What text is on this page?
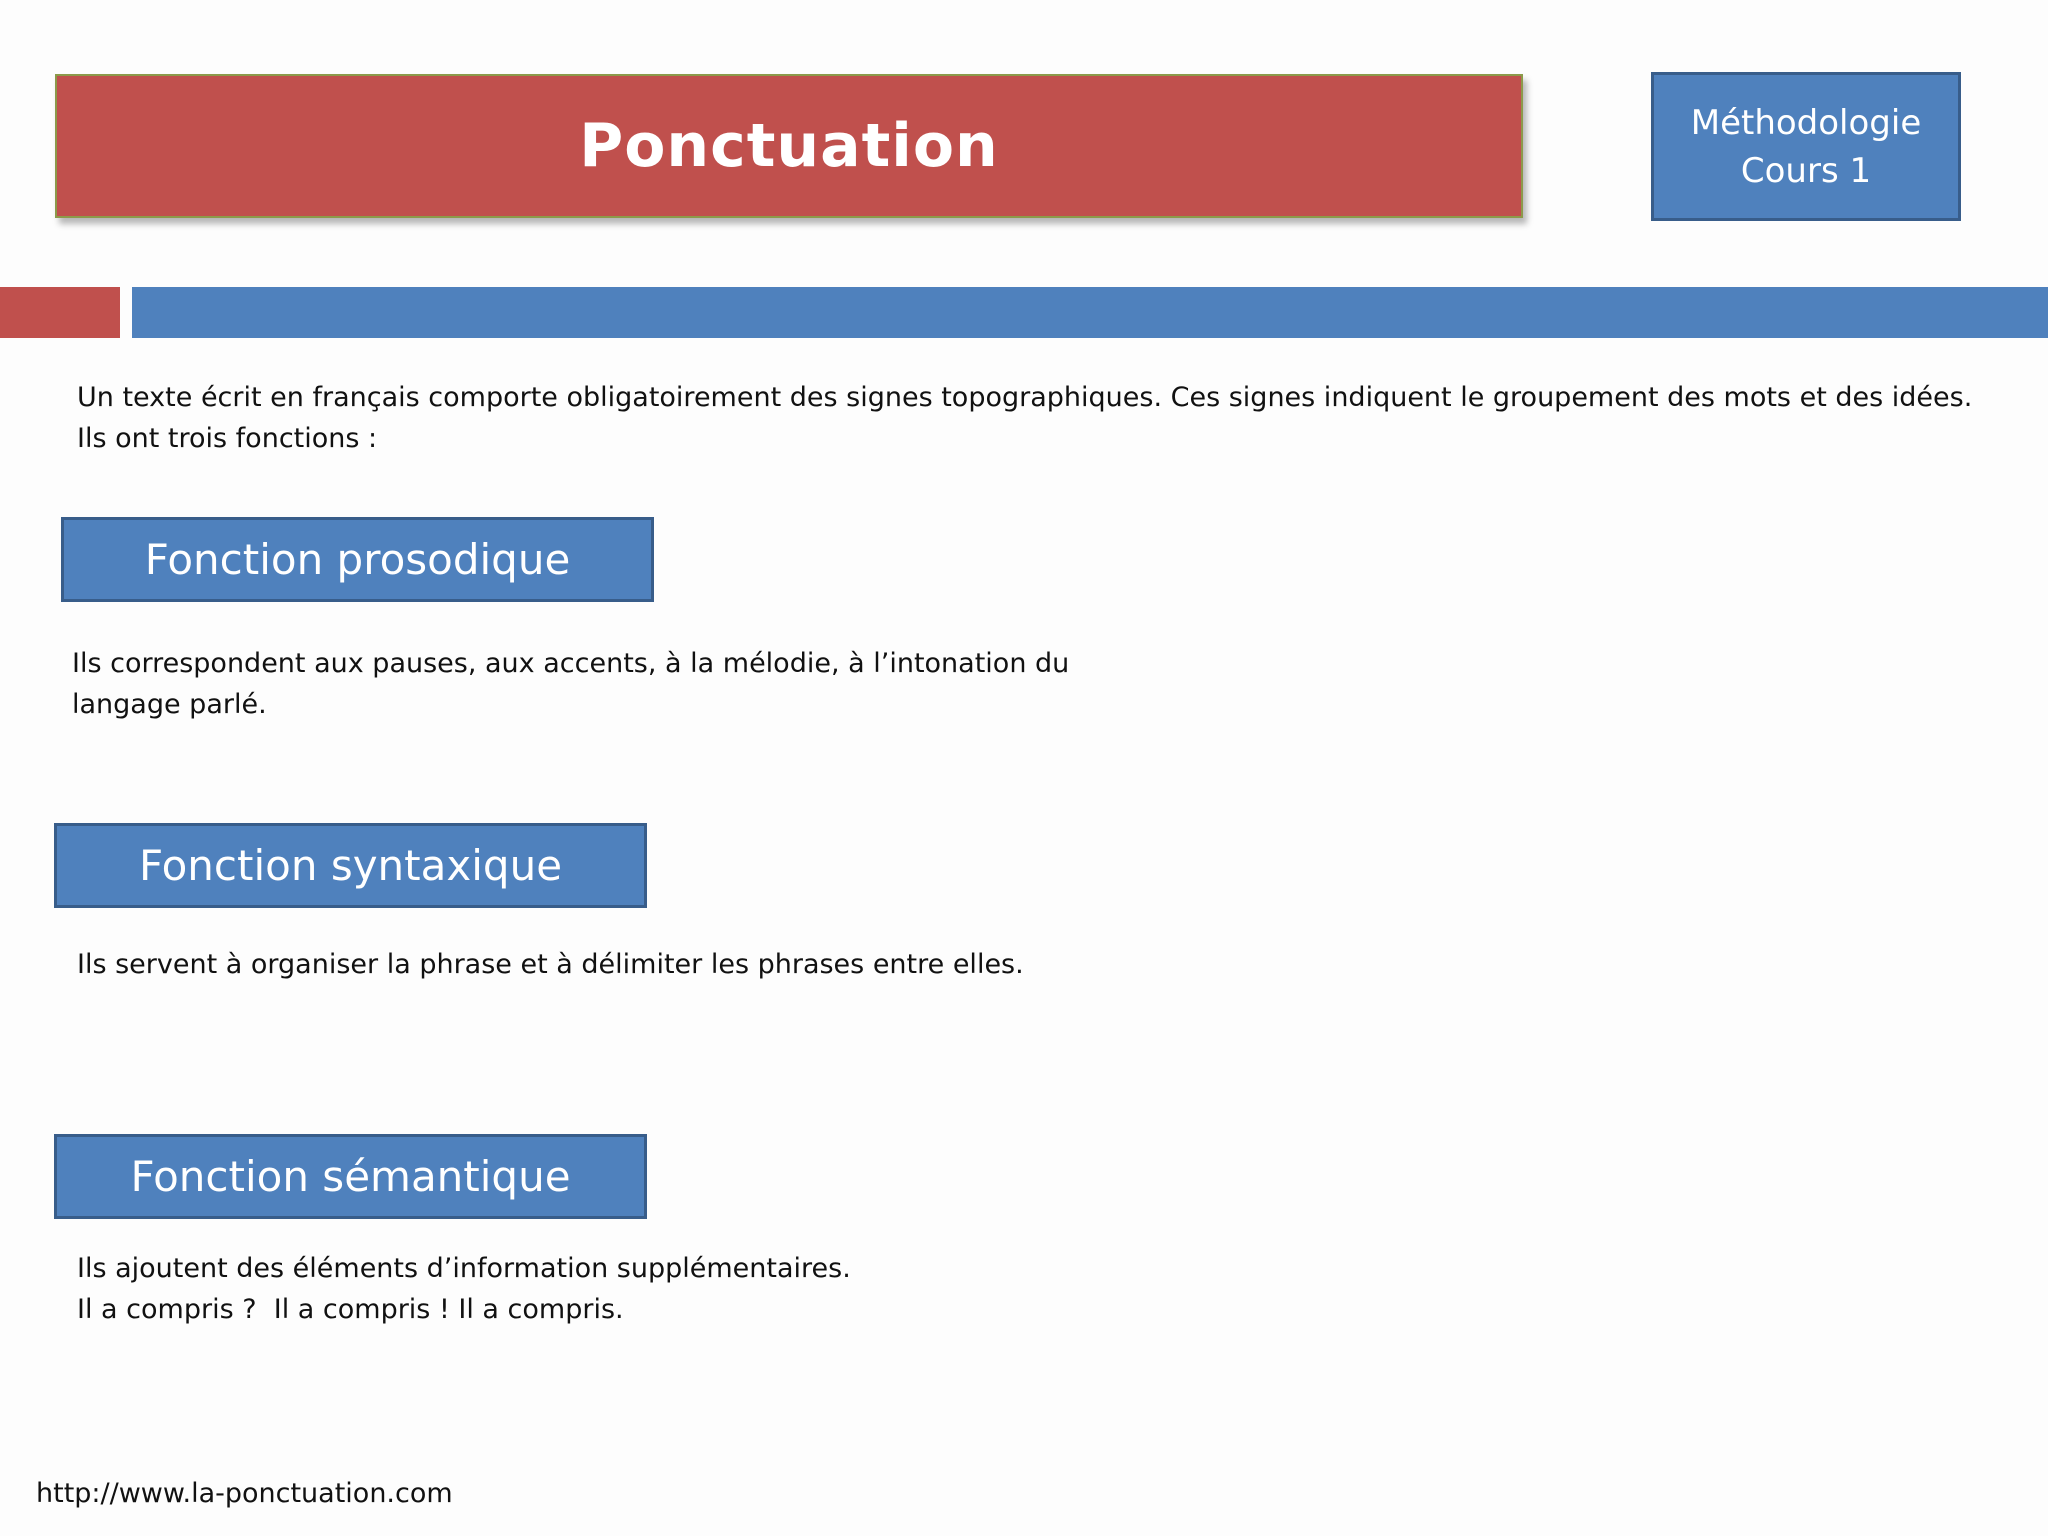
Ponctuation	Méthodologie
Cours 1

Un texte écrit en français comporte obligatoirement des signes topographiques. Ces signes indiquent le groupement des mots et des idées. Ils ont trois fonctions :

Fonction prosodique

Ils correspondent aux pauses, aux accents, à la mélodie, à l’intonation du langage parlé.

Fonction syntaxique

Ils servent à organiser la phrase et à délimiter les phrases entre elles.

Fonction sémantique
Ils ajoutent des éléments d’information supplémentaires.
Il a compris ?  Il a compris ! Il a compris.
http://www.la-ponctuation.com
